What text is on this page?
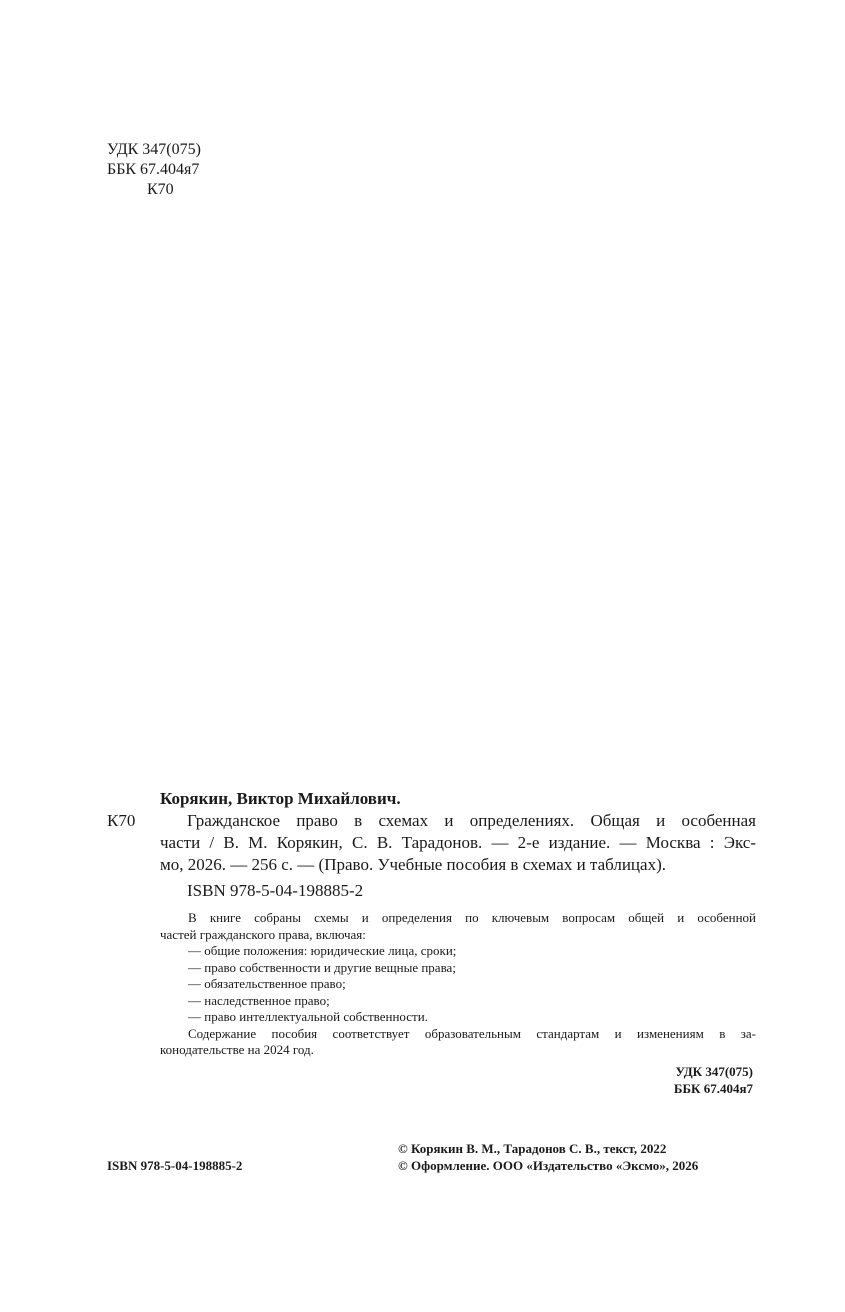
УДК 347(075)
ББК 67.404я7
К70
Корякин, Виктор Михайлович.
К70	Гражданское право в схемах и определениях. Общая и особенная
части / В. М. Корякин, С. В. Тарадонов. — 2-е издание. — Москва : Экс-
мо, 2026. — 256 с. — (Право. Учебные пособия в схемах и таблицах).
ISBN 978-5-04-198885-2
В книге собраны схемы и определения по ключевым вопросам общей и особенной
частей гражданского права, включая:
— общие положения: юридические лица, сроки;
— право собственности и другие вещные права;
— обязательственное право;
— наследственное право;
— право интеллектуальной собственности.
Содержание пособия соответствует образовательным стандартам и изменениям в за-
конодательстве на 2024 год.
УДК 347(075)
ББК 67.404я7
ISBN 978-5-04-198885-2
© Корякин В. М., Тарадонов С. В., текст, 2022
© Оформление. ООО «Издательство «Эксмо», 2026
